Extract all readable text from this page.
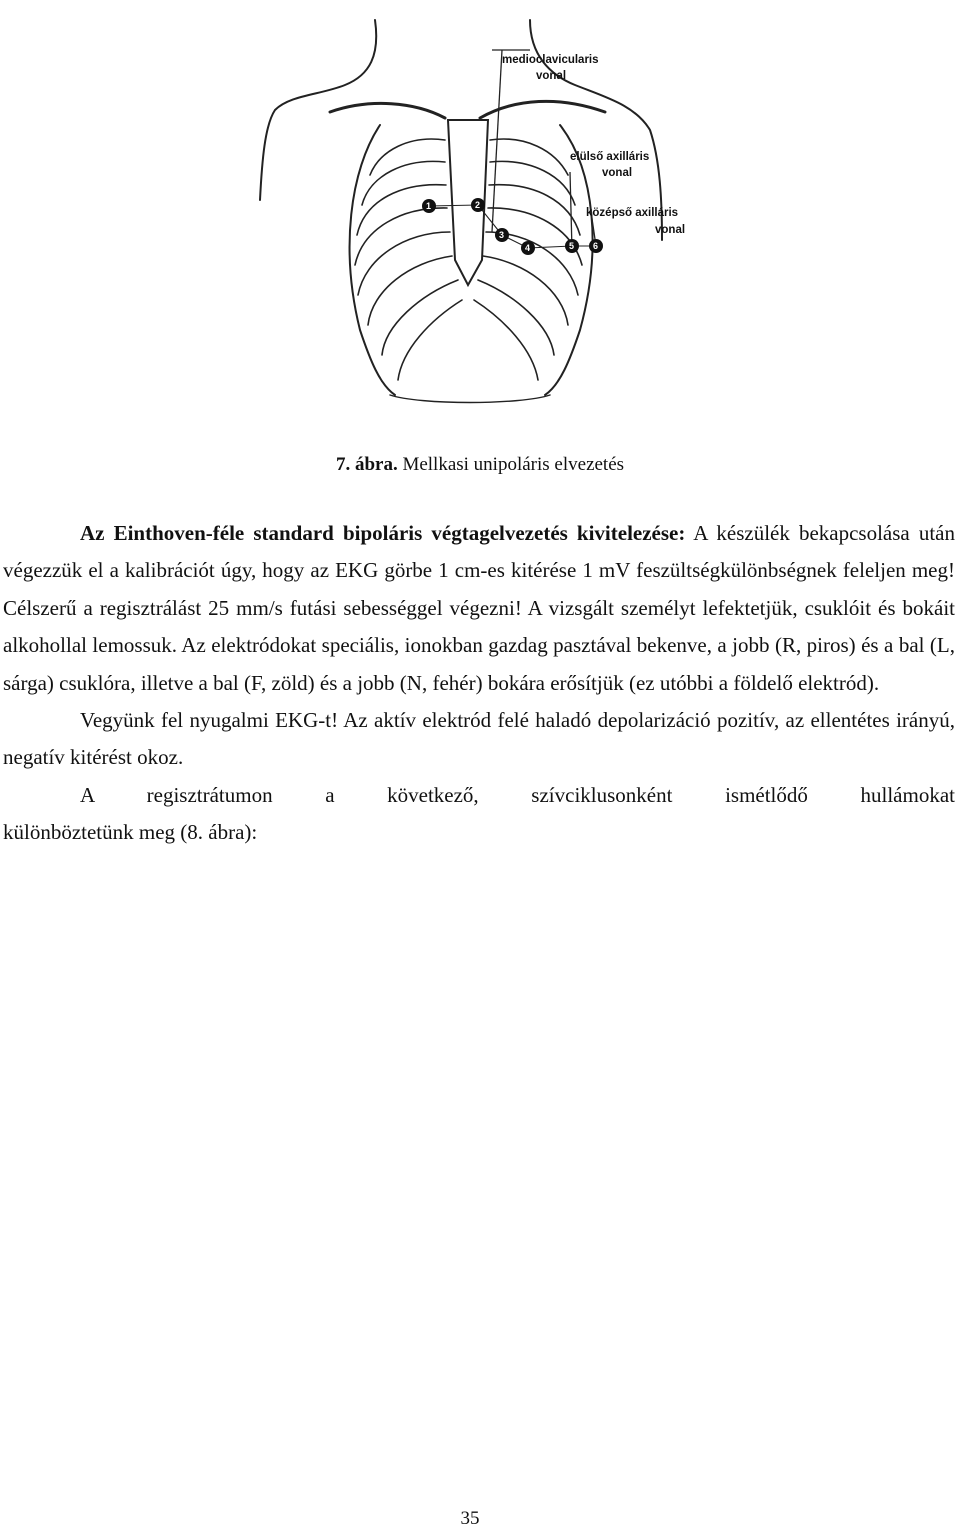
medioclavicularis
vonal
elülső axilláris
vonal
középső axilláris
vonal
1	2
3
4	5 6
7. ábra. Mellkasi unipoláris elvezetés

Az Einthoven-féle standard bipoláris végtagelvezetés kivitelezése: A készülék bekapcsolása után végezzük el a kalibrációt úgy, hogy az EKG görbe 1 cm-es kitérése 1 mV feszültségkülönbségnek feleljen meg! Célszerű a regisztrálást 25 mm/s futási sebességgel végezni! A vizsgált személyt lefektetjük, csuklóit és bokáit alkohollal lemossuk. Az elektródokat speciális, ionokban gazdag pasztával bekenve, a jobb (R, piros) és a bal (L, sárga) csuklóra, illetve a bal (F, zöld) és a jobb (N, fehér) bokára erősítjük (ez utóbbi a földelő elektród).

Vegyünk fel nyugalmi EKG-t! Az aktív elektród felé haladó depolarizáció pozitív, az ellentétes irányú, negatív kitérést okoz.

A regisztrátumon a következő, szívciklusonként ismétlődő hullámokat

különböztetünk meg (8. ábra):

35
